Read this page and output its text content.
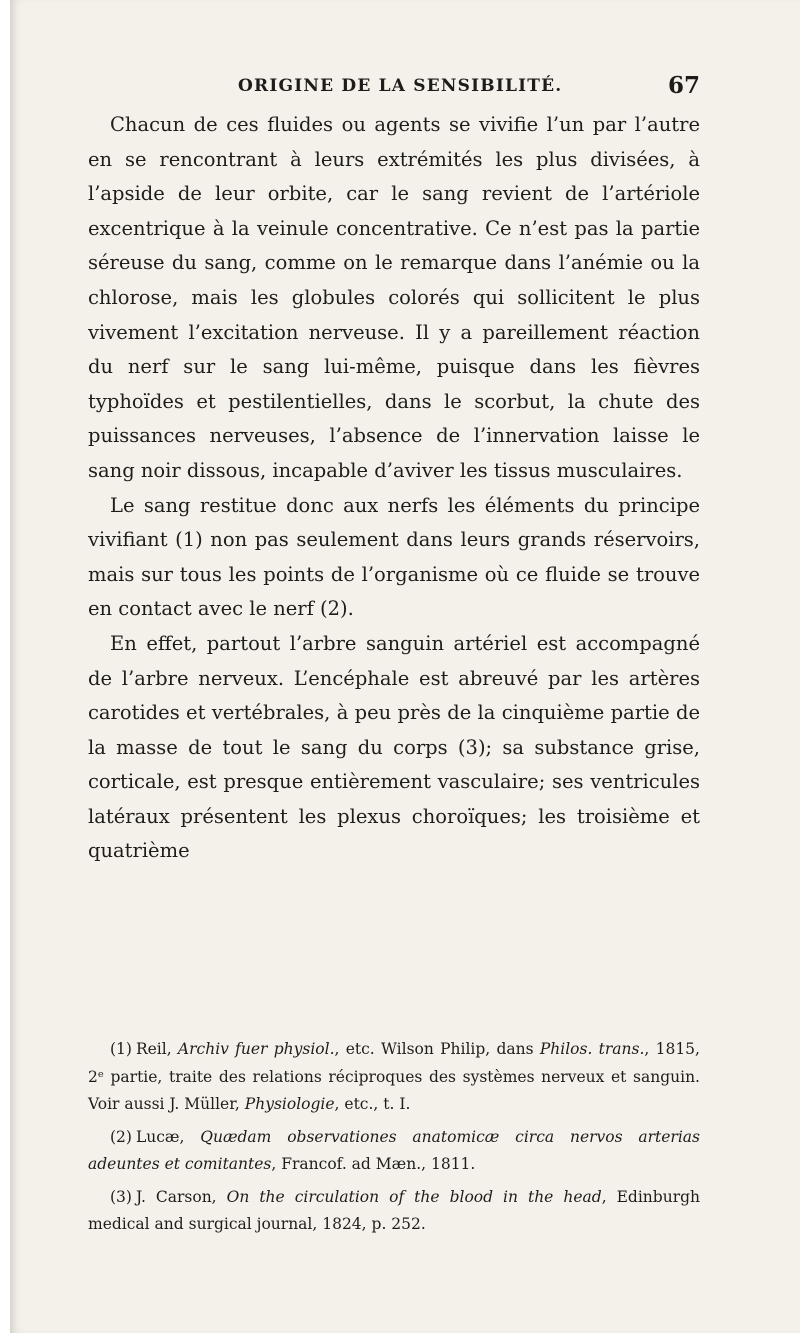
ORIGINE DE LA SENSIBILITÉ.	67

Chacun de ces fluides ou agents se vivifie l’un par l’autre en se rencontrant à leurs extrémités les plus divisées, à l’apside de leur orbite, car le sang revient de l’artériole excentrique à la veinule concentrative. Ce n’est pas la partie séreuse du sang, comme on le remarque dans l’anémie ou la chlorose, mais les globules colorés qui sollicitent le plus vivement l’excitation nerveuse. Il y a pareillement réaction du nerf sur le sang lui-même, puisque dans les fièvres typhoïdes et pestilentielles, dans le scorbut, la chute des puissances nerveuses, l’absence de l’innervation laisse le sang noir dissous, incapable d’aviver les tissus musculaires.

Le sang restitue donc aux nerfs les éléments du principe vivifiant (1) non pas seulement dans leurs grands réservoirs, mais sur tous les points de l’organisme où ce fluide se trouve en contact avec le nerf (2).

En effet, partout l’arbre sanguin artériel est accompagné de l’arbre nerveux. L’encéphale est abreuvé par les artères carotides et vertébrales, à peu près de la cinquième partie de la masse de tout le sang du corps (3); sa substance grise, corticale, est presque entièrement vasculaire; ses ventricules latéraux présentent les plexus choroïques; les troisième et quatrième

(1) Reil, Archiv fuer physiol., etc. Wilson Philip, dans Philos. trans., 1815, 2ᵉ partie, traite des relations réciproques des systèmes nerveux et sanguin. Voir aussi J. Müller, Physiologie, etc., t. I.

(2) Lucæ, Quædam observationes anatomicæ circa nervos arterias adeuntes et comitantes, Francof. ad Mæn., 1811.

(3) J. Carson, On the circulation of the blood in the head, Edinburgh medical and surgical journal, 1824, p. 252.
